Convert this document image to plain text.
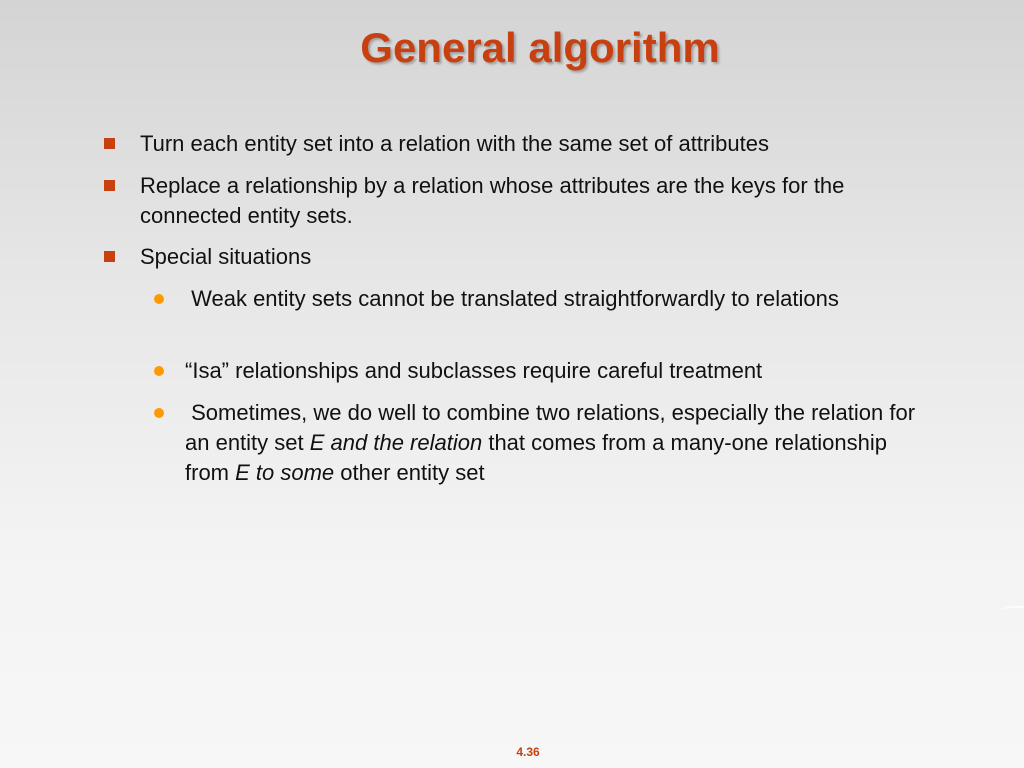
General algorithm
Turn each entity set into a relation with the same set of attributes
Replace a relationship by a relation whose attributes are the keys for the connected entity sets.
Special situations
Weak entity sets cannot be translated straightforwardly to relations
“Isa” relationships and subclasses require careful treatment
Sometimes, we do well to combine two relations, especially the relation for an entity set E and the relation that comes from a many-one relationship from E to some other entity set
4.36
